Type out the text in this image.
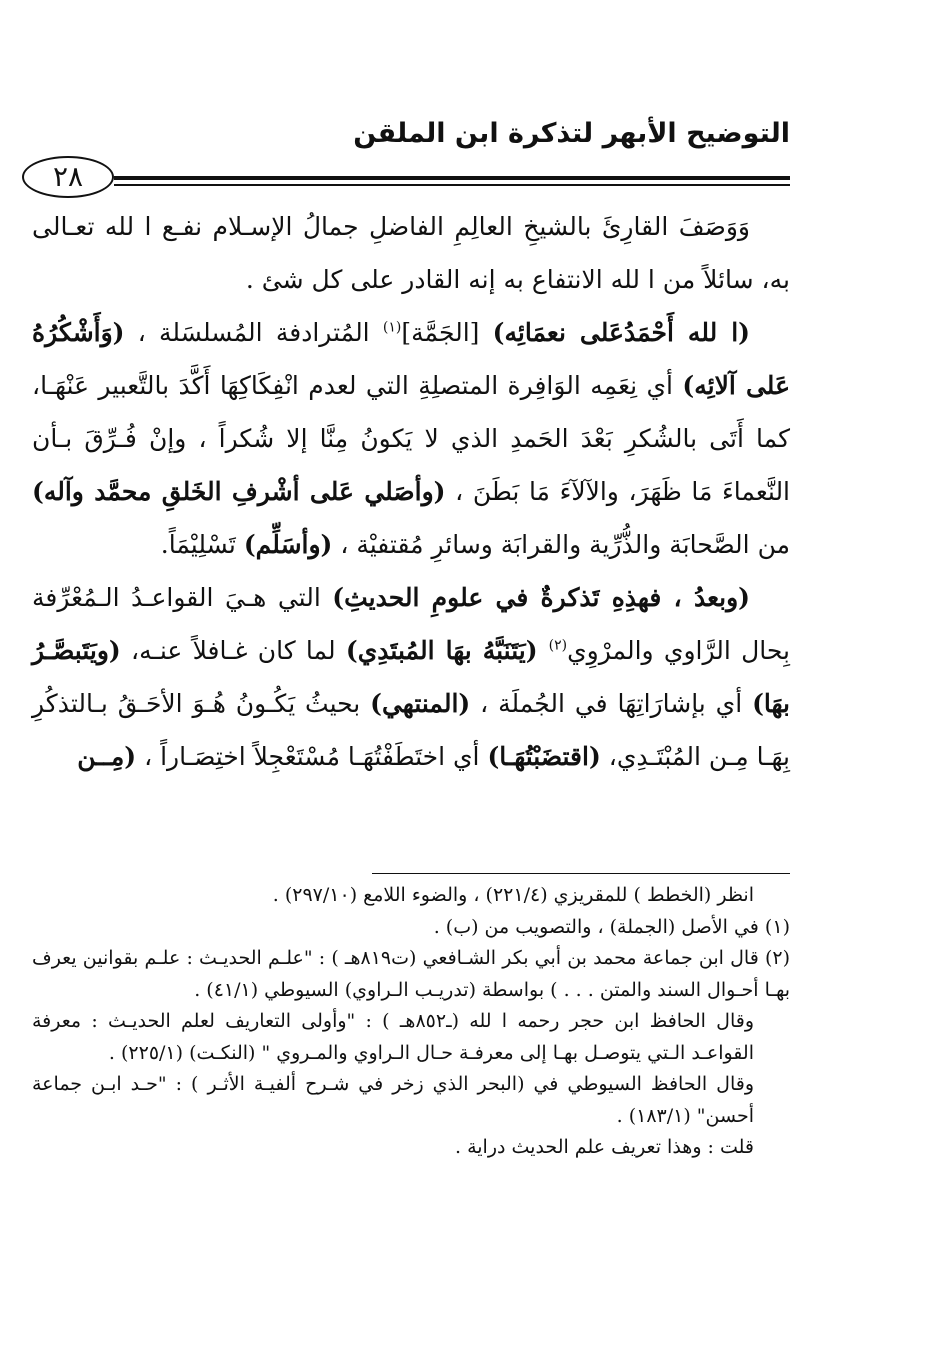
التوضيح الأبهر لتذكرة ابن الملقن
٢٨

وَوَصَفَ القارِئَ بالشيخِ العالِمِ الفاضلِ جمالُ الإسـلام نفـع ا لله تعـالى به، سائلاً من ا لله الانتفاع به إنه القادر على كل شئ .

(ا لله أَحْمَدُعَلى نعمَائِه) [الجَمَّة]$^{(١)}$ المُترادفة المُسلسَلة ، (وَأَشْكُرُهُ عَلى آلائِه) أي نِعَمِه الوَافِرة المتصلِةِ التي لعدم انْفِكَاكِهَا أَكَّدَ بالتَّعبير عَنْهَـا، كما أَتَى بالشُكرِ بَعْدَ الحَمدِ الذي لا يَكونُ مِنَّا إلا شُكراً ، وإنْ فُـرِّقَ بـأن النَّعماءَ مَا ظَهَرَ، والآلآءَ مَا بَطَنَ ، (وأصَلي عَلى أشْرفِ الخَلقِ محمَّد وآله) من الصَّحابَة والذُّرِّية والقرابَة وسائرِ مُقتفيْة ، (وأسَلِّم) تَسْلِيْمَاً.

(وبعدُ ، فهذِهِ تَذكرةٌ في علومِ الحديثِ) التي هـيَ القواعـدُ الـمُعْرِّفة بِحال الرَّاوي والمرْوِي$^{(٢)}$ (يَتَنَبَّهُ بهَا المُبتَدِي) لما كان غـافلاً عنـه، (ويَتَبصَّـرُ بهَا) أي بإشارَاتِهَا في الجُملَة ، (المنتهي) بحيثُ يَكُـونُ هُـوَ الأحَـقُ بـالتذكُرِ بِهَـا مِـن المُبْتَـدِي، (اقتضَبْتُهَـا) أي اختَطَفْتُهَـا مُسْتَعْجِلاً اختِصَـاراً ، (مِــن

انظر (الخطط ) للمقريزي (٢٢١/٤) ، والضوء اللامع (٢٩٧/١٠) .

(١) في الأصل (الجملة) ، والتصويب من (ب) .

(٢) قال ابن جماعة محمد بن أبي بكر الشـافعي (ت٨١٩هـ ) : "علـم الحديـث : علـم بقوانين يعرف بهـا أحـوال السند والمتن . . . ) بواسطة (تدريـب الـراوي) السيوطي (٤١/١) .

وقال الحافظ ابن حجر رحمه ا لله (ـ٨٥٢هـ ) : "وأولى التعاريف لعلم الحديـث : معرفة القواعـد الـتي يتوصـل بهـا إلى معرفـة حـال الـراوي والمـروي " (النكـت) (٢٢٥/١) .

وقال الحافظ السيوطي في (البحر الذي زخر في شـرح ألفيـة الأثـر ) : "حـد ابـن جماعة أحسن" (١٨٣/١) .

قلت : وهذا تعريف علم الحديث دراية .
